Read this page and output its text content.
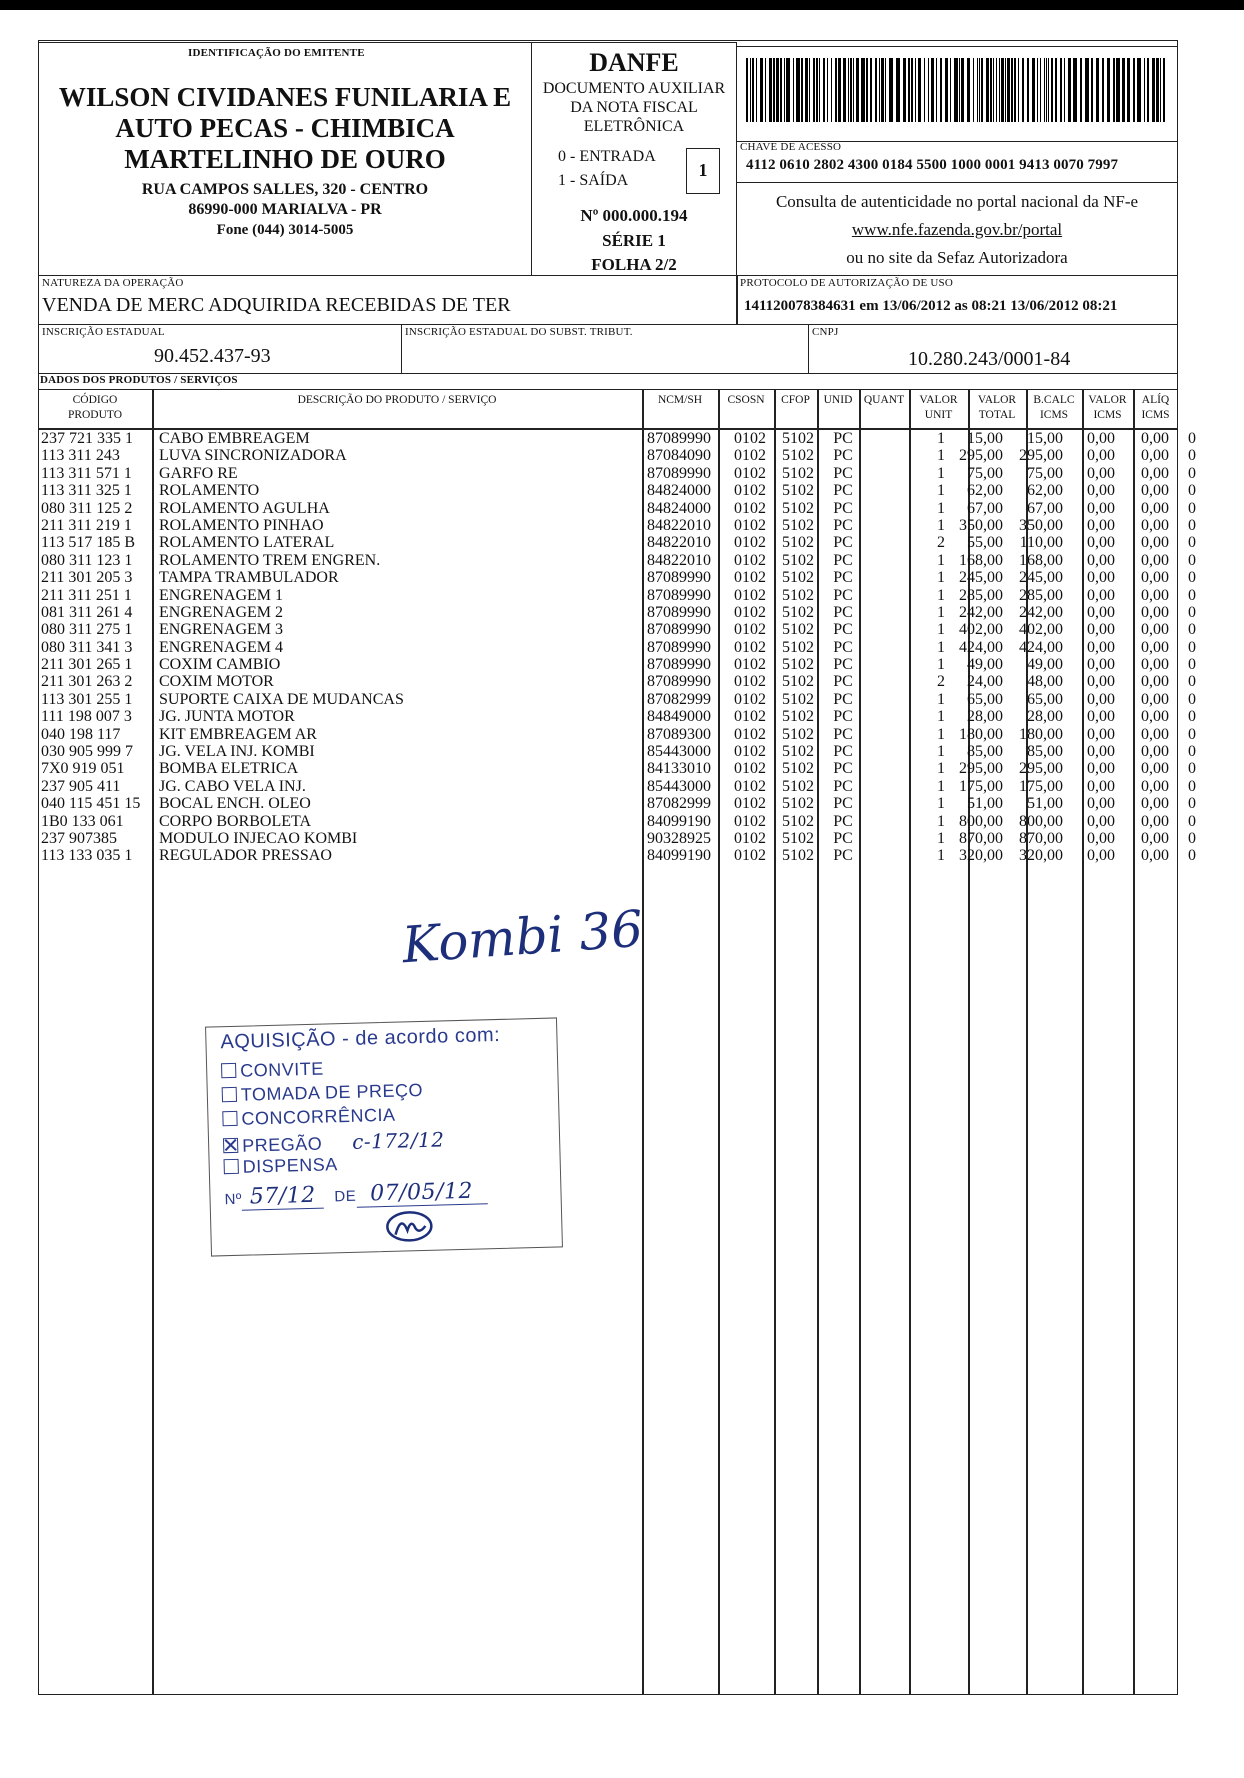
IDENTIFICAÇÃO DO EMITENTE
WILSON CIVIDANES FUNILARIA E
AUTO PECAS - CHIMBICA
MARTELINHO DE OURO
RUA CAMPOS SALLES, 320 - CENTRO
86990-000 MARIALVA - PR
Fone (044) 3014-5005
DANFE
DOCUMENTO AUXILIAR
DA NOTA FISCAL
ELETRÔNICA
0 - ENTRADA
1 - SAÍDA
1
Nº 000.000.194
SÉRIE 1
FOLHA 2/2
CHAVE DE ACESSO
4112 0610 2802 4300 0184 5500 1000 0001 9413 0070 7997
Consulta de autenticidade no portal nacional da NF-e
www.nfe.fazenda.gov.br/portal
ou no site da Sefaz Autorizadora
NATUREZA DA OPERAÇÃO
VENDA DE MERC ADQUIRIDA RECEBIDAS DE TER
PROTOCOLO DE AUTORIZAÇÃO DE USO
141120078384631 em 13/06/2012 as 08:21 13/06/2012 08:21
INSCRIÇÃO ESTADUAL
90.452.437-93
INSCRIÇÃO ESTADUAL DO SUBST. TRIBUT.	CNPJ
10.280.243/0001-84
DADOS DOS PRODUTOS / SERVIÇOS
CÓDIGO
PRODUTO
DESCRIÇÃO DO PRODUTO / SERVIÇO	NCM/SH	CSOSN	CFOP	UNID	QUANT	VALOR
UNIT
VALOR
TOTAL
B.CALC
ICMS
VALOR
ICMS
ALÍQ
ICMS
237 721 335 1	CABO EMBREAGEM	87089990	0102	5102	PC	1	15,00	15,00	0,00	0,00	0
113 311 243	LUVA SINCRONIZADORA	87084090	0102	5102	PC	1 295,00	295,00	0,00	0,00	0
113 311 571 1	GARFO RE	87089990	0102	5102	PC	1	75,00	75,00	0,00	0,00	0
113 311 325 1	ROLAMENTO	84824000	0102	5102	PC	1	62,00	62,00	0,00	0,00	0
080 311 125 2	ROLAMENTO AGULHA	84824000	0102	5102	PC	1	67,00	67,00	0,00	0,00	0
211 311 219 1	ROLAMENTO PINHAO	84822010	0102	5102	PC	1 350,00	350,00	0,00	0,00	0
113 517 185 B	ROLAMENTO LATERAL	84822010	0102	5102	PC	2	55,00	110,00	0,00	0,00	0
080 311 123 1	ROLAMENTO TREM ENGREN.	84822010	0102	5102	PC	1 168,00	168,00	0,00	0,00	0
211 301 205 3	TAMPA TRAMBULADOR	87089990	0102	5102	PC	1 245,00	245,00	0,00	0,00	0
211 311 251 1	ENGRENAGEM 1	87089990	0102	5102	PC	1 285,00	285,00	0,00	0,00	0
081 311 261 4	ENGRENAGEM 2	87089990	0102	5102	PC	1 242,00	242,00	0,00	0,00	0
080 311 275 1	ENGRENAGEM 3	87089990	0102	5102	PC	1 402,00	402,00	0,00	0,00	0
080 311 341 3	ENGRENAGEM 4	87089990	0102	5102	PC	1 424,00	424,00	0,00	0,00	0
211 301 265 1	COXIM CAMBIO	87089990	0102	5102	PC	1	49,00	49,00	0,00	0,00	0
211 301 263 2	COXIM MOTOR	87089990	0102	5102	PC	2	24,00	48,00	0,00	0,00	0
113 301 255 1	SUPORTE CAIXA DE MUDANCAS	87082999	0102	5102	PC	1	65,00	65,00	0,00	0,00	0
111 198 007 3	JG. JUNTA MOTOR	84849000	0102	5102	PC	1	28,00	28,00	0,00	0,00	0
040 198 117	KIT EMBREAGEM AR	87089300	0102	5102	PC	1 180,00	180,00	0,00	0,00	0
030 905 999 7	JG. VELA INJ. KOMBI	85443000	0102	5102	PC	1	85,00	85,00	0,00	0,00	0
7X0 919 051	BOMBA ELETRICA	84133010	0102	5102	PC	1 295,00	295,00	0,00	0,00	0
237 905 411	JG. CABO VELA INJ.	85443000	0102	5102	PC	1 175,00	175,00	0,00	0,00	0
040 115 451 15 BOCAL ENCH. OLEO	87082999	0102	5102	PC	1	51,00	51,00	0,00	0,00	0
1B0 133 061	CORPO BORBOLETA	84099190	0102	5102	PC	1 800,00	800,00	0,00	0,00	0
237 907385	MODULO INJECAO KOMBI	90328925	0102	5102	PC	1 870,00	870,00	0,00	0,00	0
113 133 035 1	REGULADOR PRESSAO	84099190	0102	5102	PC	1 320,00	320,00	0,00	0,00	0
Kombi 36
AQUISIÇÃO - de acordo com:
CONVITE
TOMADA DE PREÇO
CONCORRÊNCIA
PREGÃO c-172/12
DISPENSA
Nº 57/12 DE 07/05/12
